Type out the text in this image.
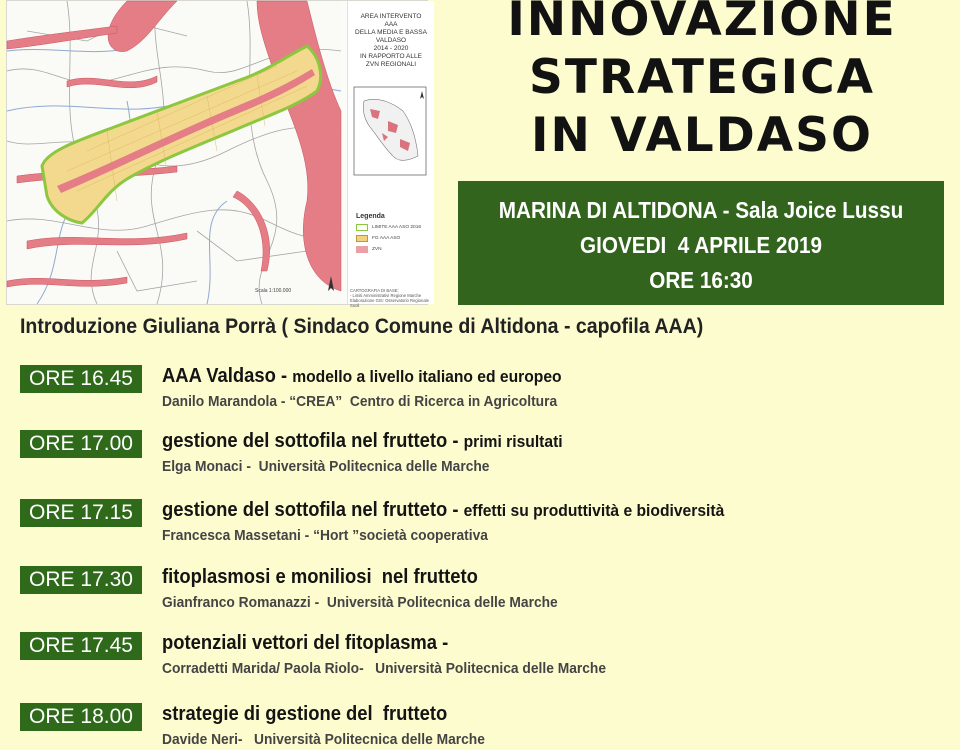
Scala 1:100.000
AREA INTERVENTO
AAA
DELLA MEDIA E BASSA
VALDASO
2014 - 2020
IN RAPPORTO ALLE
ZVN REGIONALI
Legenda
LIMITE AAA ASO 2016
FG AAA ASO
ZVN
CARTOGRAFIA DI BASE:
- Limiti Amministrativi Regione Marche
Elaborazione GIS: Osservatorio Regionale Suoli
INNOVAZIONE
STRATEGICA
IN VALDASO
MARINA DI ALTIDONA - Sala Joice Lussu
GIOVEDI  4 APRILE 2019
ORE 16:30
Introduzione Giuliana Porrà ( Sindaco Comune di Altidona - capofila AAA)
ORE 16.45	AAA Valdaso - modello a livello italiano ed europeo
Danilo Marandola - “CREA”  Centro di Ricerca in Agricoltura
ORE 17.00	gestione del sottofila nel frutteto - primi risultati
Elga Monaci -  Università Politecnica delle Marche
ORE 17.15	gestione del sottofila nel frutteto - effetti su produttività e biodiversità
Francesca Massetani - “Hort ”società cooperativa
ORE 17.30	fitoplasmosi e moniliosi  nel frutteto
Gianfranco Romanazzi -  Università Politecnica delle Marche
ORE 17.45	potenziali vettori del fitoplasma -
Corradetti Marida/ Paola Riolo-   Università Politecnica delle Marche
ORE 18.00	strategie di gestione del  frutteto
Davide Neri-   Università Politecnica delle Marche
